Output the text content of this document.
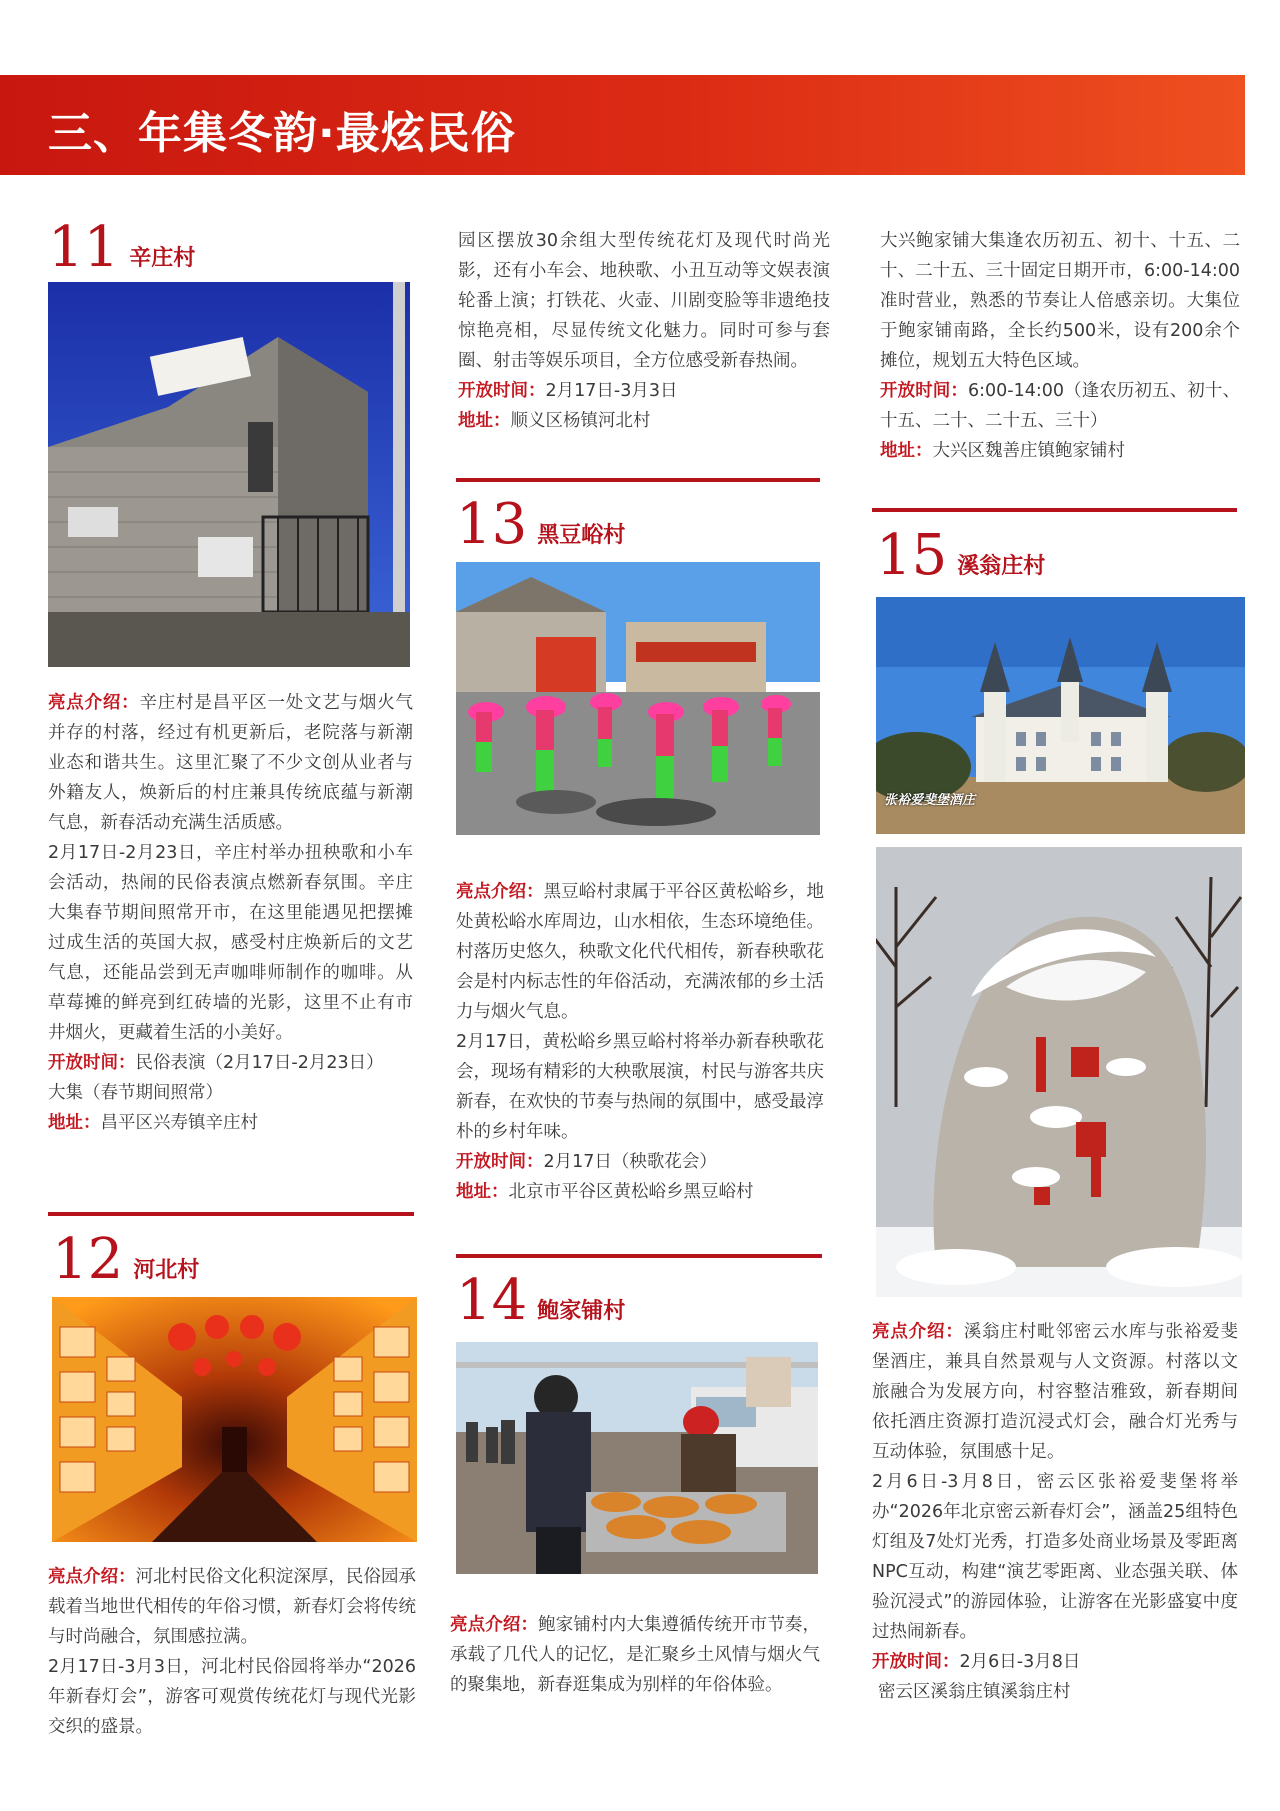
三、年集冬韵·最炫民俗
11 辛庄村

亮点介绍：辛庄村是昌平区一处文艺与烟火气并存的村落，经过有机更新后，老院落与新潮业态和谐共生。这里汇聚了不少文创从业者与外籍友人，焕新后的村庄兼具传统底蕴与新潮气息，新春活动充满生活质感。

2月17日-2月23日，辛庄村举办扭秧歌和小车会活动，热闹的民俗表演点燃新春氛围。辛庄大集春节期间照常开市，在这里能遇见把摆摊过成生活的英国大叔，感受村庄焕新后的文艺气息，还能品尝到无声咖啡师制作的咖啡。从草莓摊的鲜亮到红砖墙的光影，这里不止有市井烟火，更藏着生活的小美好。

开放时间：民俗表演（2月17日-2月23日）

大集（春节期间照常）

地址：昌平区兴寿镇辛庄村

12 河北村

亮点介绍：河北村民俗文化积淀深厚，民俗园承载着当地世代相传的年俗习惯，新春灯会将传统与时尚融合，氛围感拉满。

2月17日-3月3日，河北村民俗园将举办“2026年新春灯会”，游客可观赏传统花灯与现代光影交织的盛景。

园区摆放30余组大型传统花灯及现代时尚光影，还有小车会、地秧歌、小丑互动等文娱表演轮番上演；打铁花、火壶、川剧变脸等非遗绝技惊艳亮相，尽显传统文化魅力。同时可参与套圈、射击等娱乐项目，全方位感受新春热闹。

开放时间：2月17日-3月3日

地址：顺义区杨镇河北村

13 黑豆峪村

亮点介绍：黑豆峪村隶属于平谷区黄松峪乡，地处黄松峪水库周边，山水相依，生态环境绝佳。村落历史悠久，秧歌文化代代相传，新春秧歌花会是村内标志性的年俗活动，充满浓郁的乡土活力与烟火气息。

2月17日，黄松峪乡黑豆峪村将举办新春秧歌花会，现场有精彩的大秧歌展演，村民与游客共庆新春，在欢快的节奏与热闹的氛围中，感受最淳朴的乡村年味。

开放时间：2月17日（秧歌花会）

地址：北京市平谷区黄松峪乡黑豆峪村

14 鲍家铺村

亮点介绍：鲍家铺村内大集遵循传统开市节奏，承载了几代人的记忆，是汇聚乡土风情与烟火气的聚集地，新春逛集成为别样的年俗体验。

大兴鲍家铺大集逢农历初五、初十、十五、二十、二十五、三十固定日期开市，6:00-14:00准时营业，熟悉的节奏让人倍感亲切。大集位于鲍家铺南路，全长约500米，设有200余个摊位，规划五大特色区域。

开放时间：6:00-14:00（逢农历初五、初十、十五、二十、二十五、三十）

地址：大兴区魏善庄镇鲍家铺村

15 溪翁庄村
张裕爱斐堡酒庄

亮点介绍：溪翁庄村毗邻密云水库与张裕爱斐堡酒庄，兼具自然景观与人文资源。村落以文旅融合为发展方向，村容整洁雅致，新春期间依托酒庄资源打造沉浸式灯会，融合灯光秀与互动体验，氛围感十足。

2月6日-3月8日，密云区张裕爱斐堡将举办“2026年北京密云新春灯会”，涵盖25组特色灯组及7处灯光秀，打造多处商业场景及零距离NPC互动，构建“演艺零距离、业态强关联、体验沉浸式”的游园体验，让游客在光影盛宴中度过热闹新春。

开放时间：2月6日-3月8日

密云区溪翁庄镇溪翁庄村
